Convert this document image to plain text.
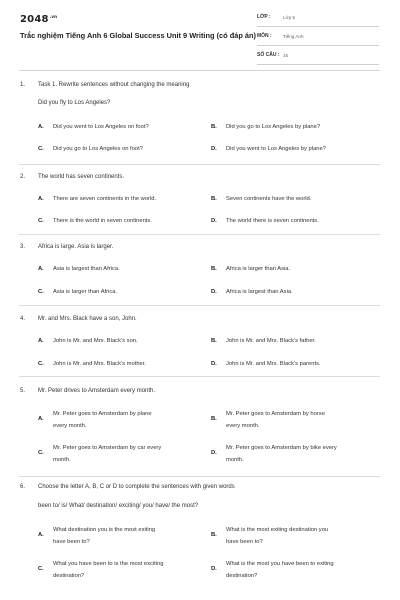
$2048^{.vn}$
Trắc nghiệm Tiếng Anh 6 Global Success Unit 9 Writing (có đáp án)
LỚP :	Lớp 6
MÔN : Tiếng Anh
SỐ CÂU : 15
1. Task 1. Rewrite sentences without changing the meaning
Did you fly to Los Angeles?
A. Did you went to Los Angeles on foot?	B. Did you go to Los Angeles by plane?
C. Did you go to Los Angeles on foot?	D. Did you went to Los Angeles by plane?
2. The world has seven continents.
A. There are seven continents in the world.	B. Seven continents have the world.
C. There is the world in seven continents.	D. The world there is seven continents.
3. Africa is large. Asia is larger.
A. Asia is largest than Africa.	B. Africa is larger than Asia.
C. Asia is larger than Africa.	D. Africa is largest than Asia.
4. Mr. and Mrs. Black have a son, John.
A. John is Mr. and Mrs. Black’s son.	B. John is Mr. and Mrs. Black’s father.
C. John is Mr. and Mrs. Black’s mother.	D. John is Mr. and Mrs. Black’s parents.
5. Mr. Peter drives to Amsterdam every month.
A.
Mr. Peter goes to Amsterdam by plane
every month.
B.
Mr. Peter goes to Amsterdam by horse
every month.
C.
Mr. Peter goes to Amsterdam by car every
month.
D.
Mr. Peter goes to Amsterdam by bike every
month.
6. Choose the letter A, B, C or D to complete the sentences with given words
been to/ is/ What/ destination/ exciting/ you/ have/ the most?
A.
What destination you is the most exiting
have been to?
B.
What is the most exiting destination you
have been to?
C.
What you have been to is the most exciting
destination?
D.
What is the most you have been to exiting
destination?
